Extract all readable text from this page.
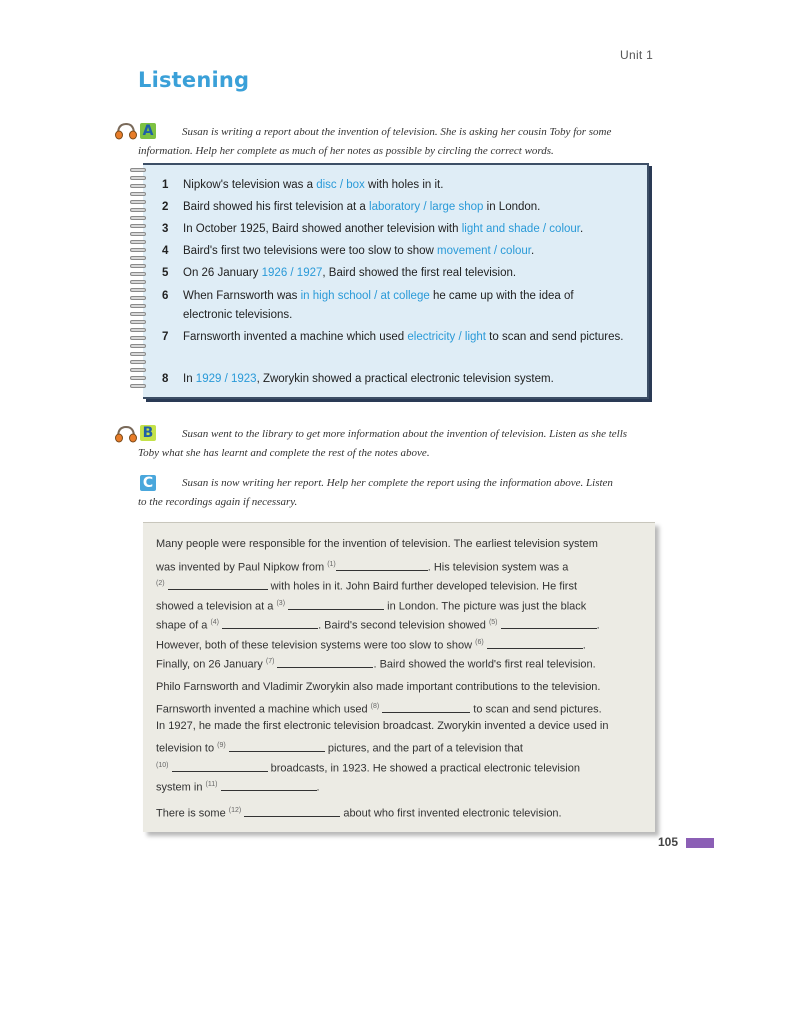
Unit 1
Listening
A	Susan is writing a report about the invention of television. She is asking her cousin Toby for some information. Help her complete as much of her notes as possible by circling the correct words.
1 Nipkow's television was a disc / box with holes in it.
2 Baird showed his first television at a laboratory / large shop in London.
3 In October 1925, Baird showed another television with light and shade / colour.
4 Baird's first two televisions were too slow to show movement / colour.
5 On 26 January 1926 / 1927, Baird showed the first real television.
6 When Farnsworth was in high school / at college he came up with the idea of electronic televisions.
7 Farnsworth invented a machine which used electricity / light to scan and send pictures.
8 In 1929 / 1923, Zworykin showed a practical electronic television system.
B	Susan went to the library to get more information about the invention of television. Listen as she tells Toby what she has learnt and complete the rest of the notes above.
C	Susan is now writing her report. Help her complete the report using the information above. Listen to the recordings again if necessary.
Many people were responsible for the invention of television. The earliest television system
was invented by Paul Nipkow from $^{(1)}$	. His television system was a
$^{(2)}$	with holes in it. John Baird further developed television. He first
showed a television at a $^{(3)}$	in London. The picture was just the black
shape of a $^{(4)}$	. Baird's second television showed $^{(5)}$	.
However, both of these television systems were too slow to show $^{(6)}$	.
Finally, on 26 January $^{(7)}$	. Baird showed the world's first real television.
Philo Farnsworth and Vladimir Zworykin also made important contributions to the television.
Farnsworth invented a machine which used $^{(8)}$	to scan and send pictures.
In 1927, he made the first electronic television broadcast. Zworykin invented a device used in
television to $^{(9)}$	pictures, and the part of a television that
$^{(10)}$	broadcasts, in 1923. He showed a practical electronic television
system in $^{(11)}$	.
There is some $^{(12)}$	about who first invented electronic television.
105
